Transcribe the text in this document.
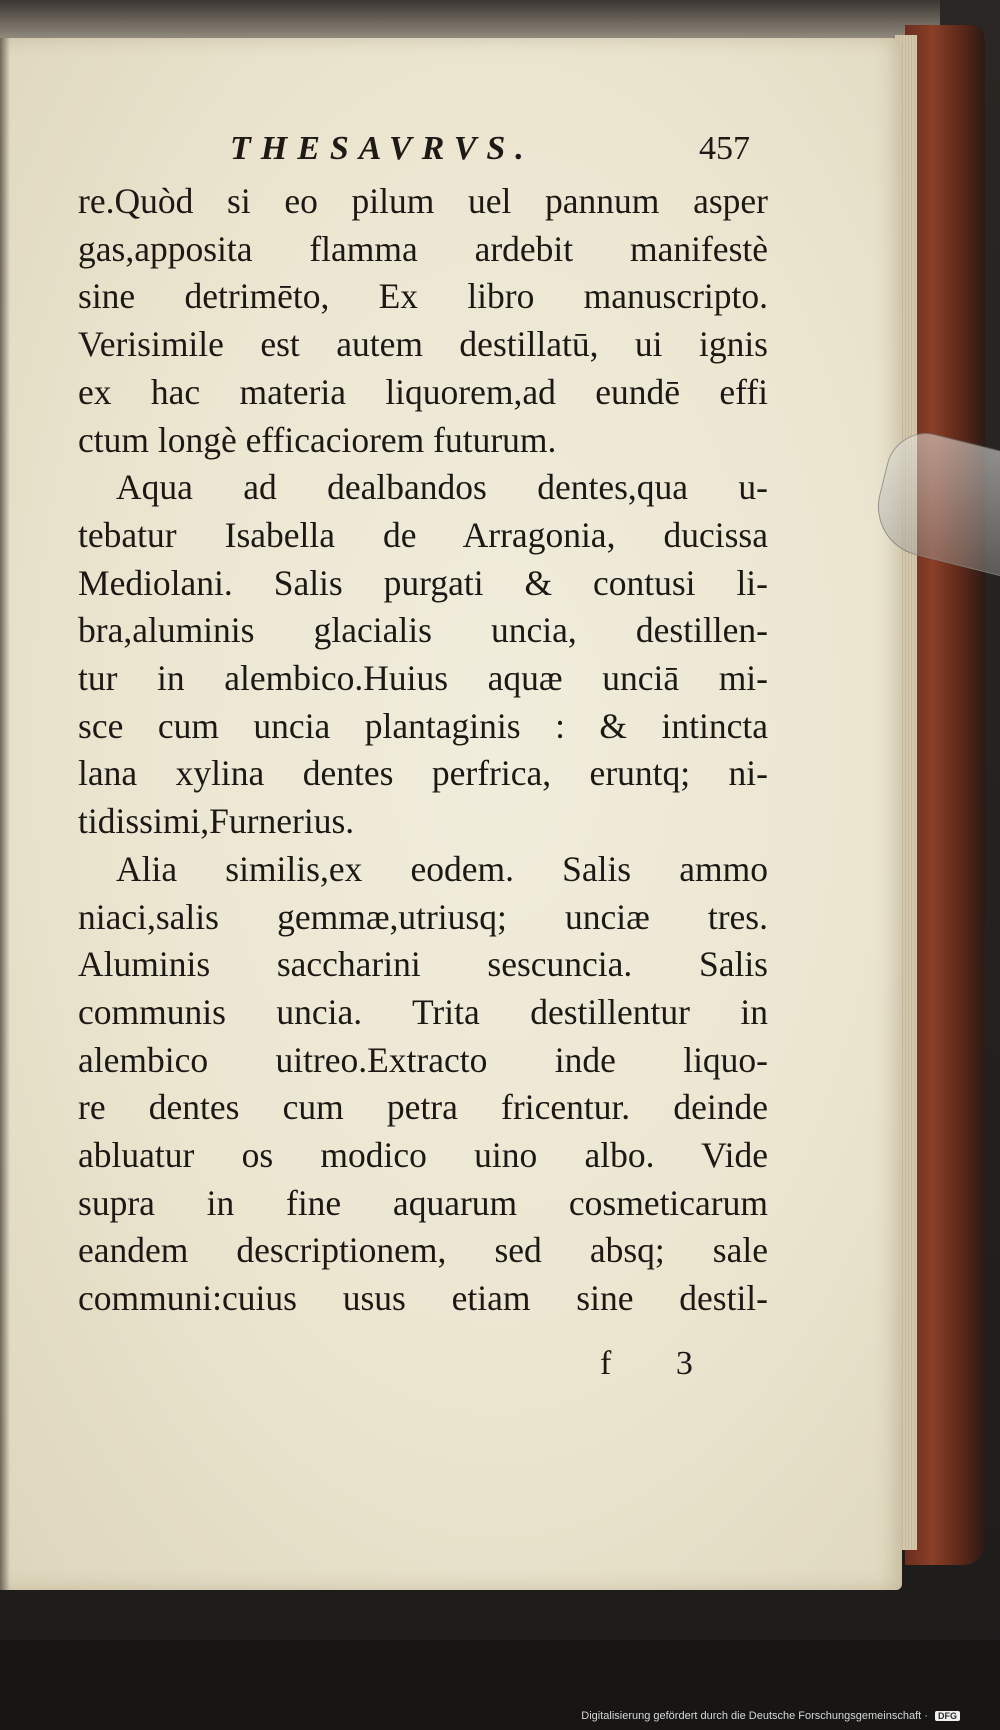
THESAVRVS.	457
re.Quòd si eo pilum uel pannum asper
gas,apposita flamma ardebit manifestè
sine detrimēto, Ex libro manuscripto.
Verisimile est autem destillatū, ui ignis
ex hac materia liquorem,ad eundē effi
ctum longè efficaciorem futurum.
Aqua ad dealbandos dentes,qua u-
tebatur Isabella de Arragonia, ducissa
Mediolani. Salis purgati & contusi li-
bra,aluminis glacialis uncia, destillen-
tur in alembico.Huius aquæ unciā mi-
sce cum uncia plantaginis : & intincta
lana xylina dentes perfrica, eruntq; ni-
tidissimi,Furnerius.
Alia similis,ex eodem. Salis ammo
niaci,salis gemmæ,utriusq; unciæ tres.
Aluminis saccharini sescuncia. Salis
communis uncia. Trita destillentur in
alembico uitreo.Extracto inde liquo-
re dentes cum petra fricentur. deinde
abluatur os modico uino albo. Vide
supra in fine aquarum cosmeticarum
eandem descriptionem, sed absq; sale
communi:cuius usus etiam sine destil-
f 3
Digitalisierung gefördert durch die Deutsche Forschungsgemeinschaft · DFG
